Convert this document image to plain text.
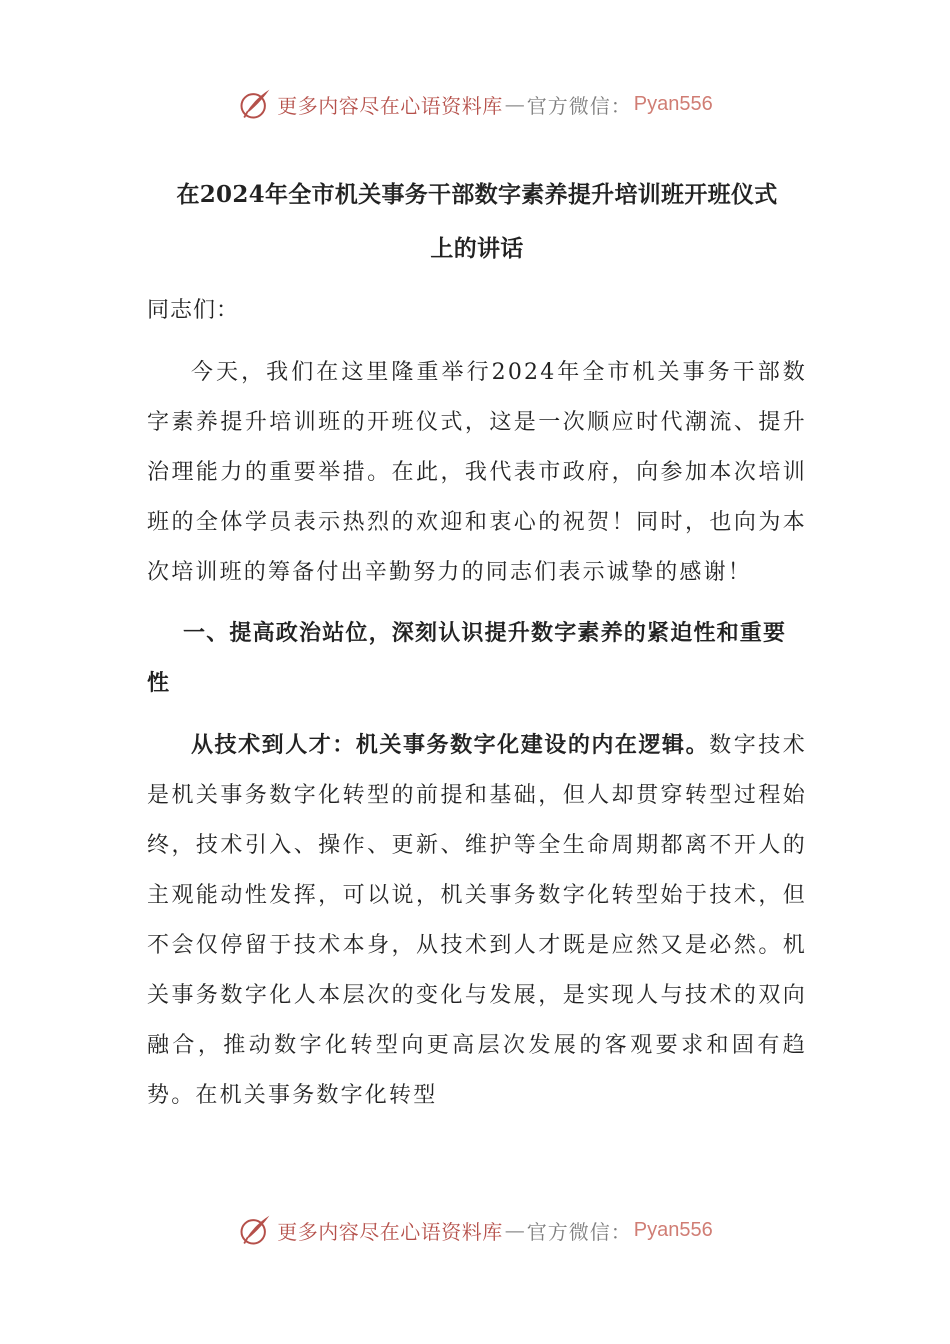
更多内容尽在心语资料库 — 官方微信： Pyan556
在2024年全市机关事务干部数字素养提升培训班开班仪式
上的讲话

同志们：

今天，我们在这里隆重举行2024年全市机关事务干部数字素养提升培训班的开班仪式，这是一次顺应时代潮流、提升治理能力的重要举措。在此，我代表市政府，向参加本次培训班的全体学员表示热烈的欢迎和衷心的祝贺！同时，也向为本次培训班的筹备付出辛勤努力的同志们表示诚挚的感谢！

一、提高政治站位，深刻认识提升数字素养的紧迫性和重要性

从技术到人才：机关事务数字化建设的内在逻辑。数字技术是机关事务数字化转型的前提和基础，但人却贯穿转型过程始终，技术引入、操作、更新、维护等全生命周期都离不开人的主观能动性发挥，可以说，机关事务数字化转型始于技术，但不会仅停留于技术本身，从技术到人才既是应然又是必然。机关事务数字化人本层次的变化与发展，是实现人与技术的双向融合，推动数字化转型向更高层次发展的客观要求和固有趋势。在机关事务数字化转型

更多内容尽在心语资料库 — 官方微信： Pyan556
